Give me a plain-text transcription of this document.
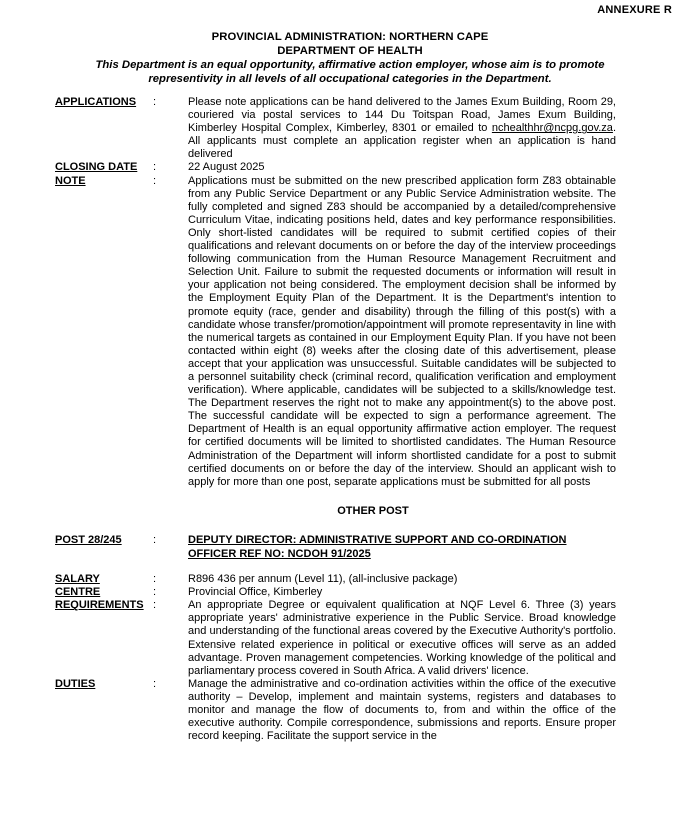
ANNEXURE R
PROVINCIAL ADMINISTRATION: NORTHERN CAPE
DEPARTMENT OF HEALTH
This Department is an equal opportunity, affirmative action employer, whose aim is to promote
representivity in all levels of all occupational categories in the Department.
APPLICATIONS	:	Please note applications can be hand delivered to the James Exum Building, Room 29, couriered via postal services to 144 Du Toitspan Road, James Exum Building, Kimberley Hospital Complex, Kimberley, 8301 or emailed to nchealthhr@ncpg.gov.za. All applicants must complete an application register when an application is hand delivered
CLOSING DATE	:	22 August 2025
NOTE	:	Applications must be submitted on the new prescribed application form Z83 obtainable from any Public Service Department or any Public Service Administration website. The fully completed and signed Z83 should be accompanied by a detailed/comprehensive Curriculum Vitae, indicating positions held, dates and key performance responsibilities. Only short-listed candidates will be required to submit certified copies of their qualifications and relevant documents on or before the day of the interview proceedings following communication from the Human Resource Management Recruitment and Selection Unit. Failure to submit the requested documents or information will result in your application not being considered. The employment decision shall be informed by the Employment Equity Plan of the Department. It is the Department's intention to promote equity (race, gender and disability) through the filling of this post(s) with a candidate whose transfer/promotion/appointment will promote representavity in line with the numerical targets as contained in our Employment Equity Plan. If you have not been contacted within eight (8) weeks after the closing date of this advertisement, please accept that your application was unsuccessful. Suitable candidates will be subjected to a personnel suitability check (criminal record, qualification verification and employment verification). Where applicable, candidates will be subjected to a skills/knowledge test. The Department reserves the right not to make any appointment(s) to the above post. The successful candidate will be expected to sign a performance agreement. The Department of Health is an equal opportunity affirmative action employer. The request for certified documents will be limited to shortlisted candidates. The Human Resource Administration of the Department will inform shortlisted candidate for a post to submit certified documents on or before the day of the interview. Should an applicant wish to apply for more than one post, separate applications must be submitted for all posts
OTHER POST
POST 28/245	:	DEPUTY DIRECTOR: ADMINISTRATIVE SUPPORT AND CO-ORDINATION OFFICER REF NO: NCDOH 91/2025
SALARY	:	R896 436 per annum (Level 11), (all-inclusive package)
CENTRE	:	Provincial Office, Kimberley
REQUIREMENTS :	An appropriate Degree or equivalent qualification at NQF Level 6. Three (3) years appropriate years' administrative experience in the Public Service. Broad knowledge and understanding of the functional areas covered by the Executive Authority's portfolio. Extensive related experience in political or executive offices will serve as an added advantage. Proven management competencies. Working knowledge of the political and parliamentary process covered in South Africa. A valid drivers' licence.
DUTIES	:	Manage the administrative and co-ordination activities within the office of the executive authority – Develop, implement and maintain systems, registers and databases to monitor and manage the flow of documents to, from and within the office of the executive authority. Compile correspondence, submissions and reports. Ensure proper record keeping. Facilitate the support service in the
